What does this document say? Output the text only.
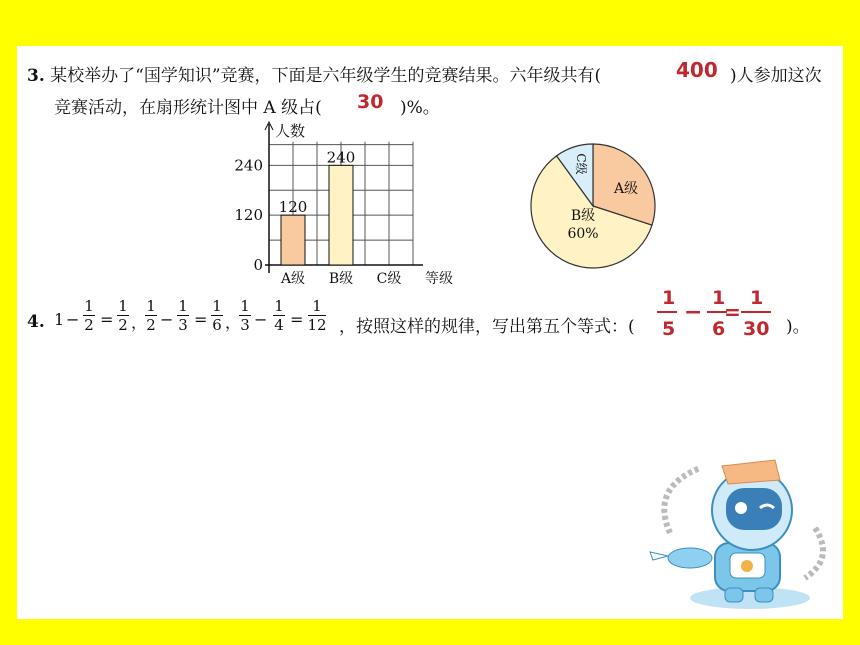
3. 某校举办了“国学知识”竞赛，下面是六年级学生的竞赛结果。六年级共有(	400 )人参加这次
竞赛活动，在扇形统计图中 A 级占( 30 )%。
人数
240
120
0
120
A级
240
B级 C级 等级
A级
B级
60%
C级
4. 1 −
1
2 =
1
2 ，
1
2 −
1
3 =
1
6 ，
1
3 −
1
4 =
1
12 ，按照这样的规律，写出第五个等式：(
1
5
−
1
6
=
1
30 )。
